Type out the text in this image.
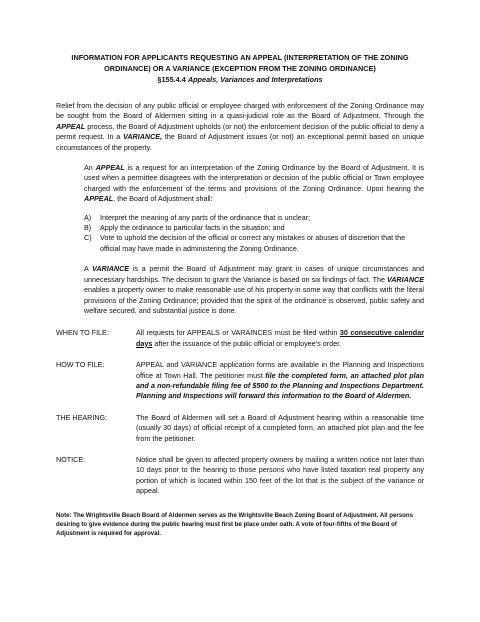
INFORMATION FOR APPLICANTS REQUESTING AN APPEAL (INTERPRETATION OF THE ZONING
ORDINANCE) OR A VARIANCE (EXCEPTION FROM THE ZONING ORDINANCE)
§155.4.4 Appeals, Variances and Interpretations

Relief from the decision of any public official or employee charged with enforcement of the Zoning Ordinance may be sought from the Board of Aldermen sitting in a quasi-judicial role as the Board of Adjustment. Through the APPEAL process, the Board of Adjustment upholds (or not) the enforcement decision of the public official to deny a permit request. In a VARIANCE, the Board of Adjustment issues (or not) an exceptional permit based on unique circumstances of the property.

An APPEAL is a request for an interpretation of the Zoning Ordinance by the Board of Adjustment. It is used when a permittee disagrees with the interpretation or decision of the public official or Town employee charged with the enforcement of the terms and provisions of the Zoning Ordinance. Upon hearing the APPEAL, the Board of Adjustment shall:

A) Interpret the meaning of any parts of the ordinance that is unclear;
B) Apply the ordinance to particular facts in the situation; and
C) Vote to uphold the decision of the official or correct any mistakes or abuses of discretion that the official may have made in administering the Zoning Ordinance.

A VARIANCE is a permit the Board of Adjustment may grant in cases of unique circumstances and unnecessary hardships. The decision to grant the Variance is based on six findings of fact. The VARIANCE enables a property owner to make reasonable use of his property in some way that conflicts with the literal provisions of the Zoning Ordinance; provided that the spirit of the ordinance is observed, public safety and welfare secured, and substantial justice is done.

WHEN TO FILE:	All requests for APPEALS or VARAINCES must be filed within 30 consecutive calendar days after the issuance of the public official or employee’s order.
HOW TO FILE:	APPEAL and VARIANCE application forms are available in the Planning and Inspections office at Town Hall. The petitioner must file the completed form, an attached plot plan and a non-refundable filing fee of $500 to the Planning and Inspections Department. Planning and Inspections will forward this information to the Board of Aldermen.
THE HEARING:	The Board of Aldermen will set a Board of Adjustment hearing within a reasonable time (usually 30 days) of official receipt of a completed form, an attached plot plan and the fee from the petitioner.
NOTICE:	Notice shall be given to affected property owners by mailing a written notice not later than 10 days prior to the hearing to those persons who have listed taxation real property any portion of which is located within 150 feet of the lot that is the subject of the variance or appeal.

Note: The Wrightsville Beach Board of Aldermen serves as the Wrightsville Beach Zoning Board of Adjustment. All persons desiring to give evidence during the public hearing must first be place under oath. A vote of four-fifths of the Board of Adjustment is required for approval.
